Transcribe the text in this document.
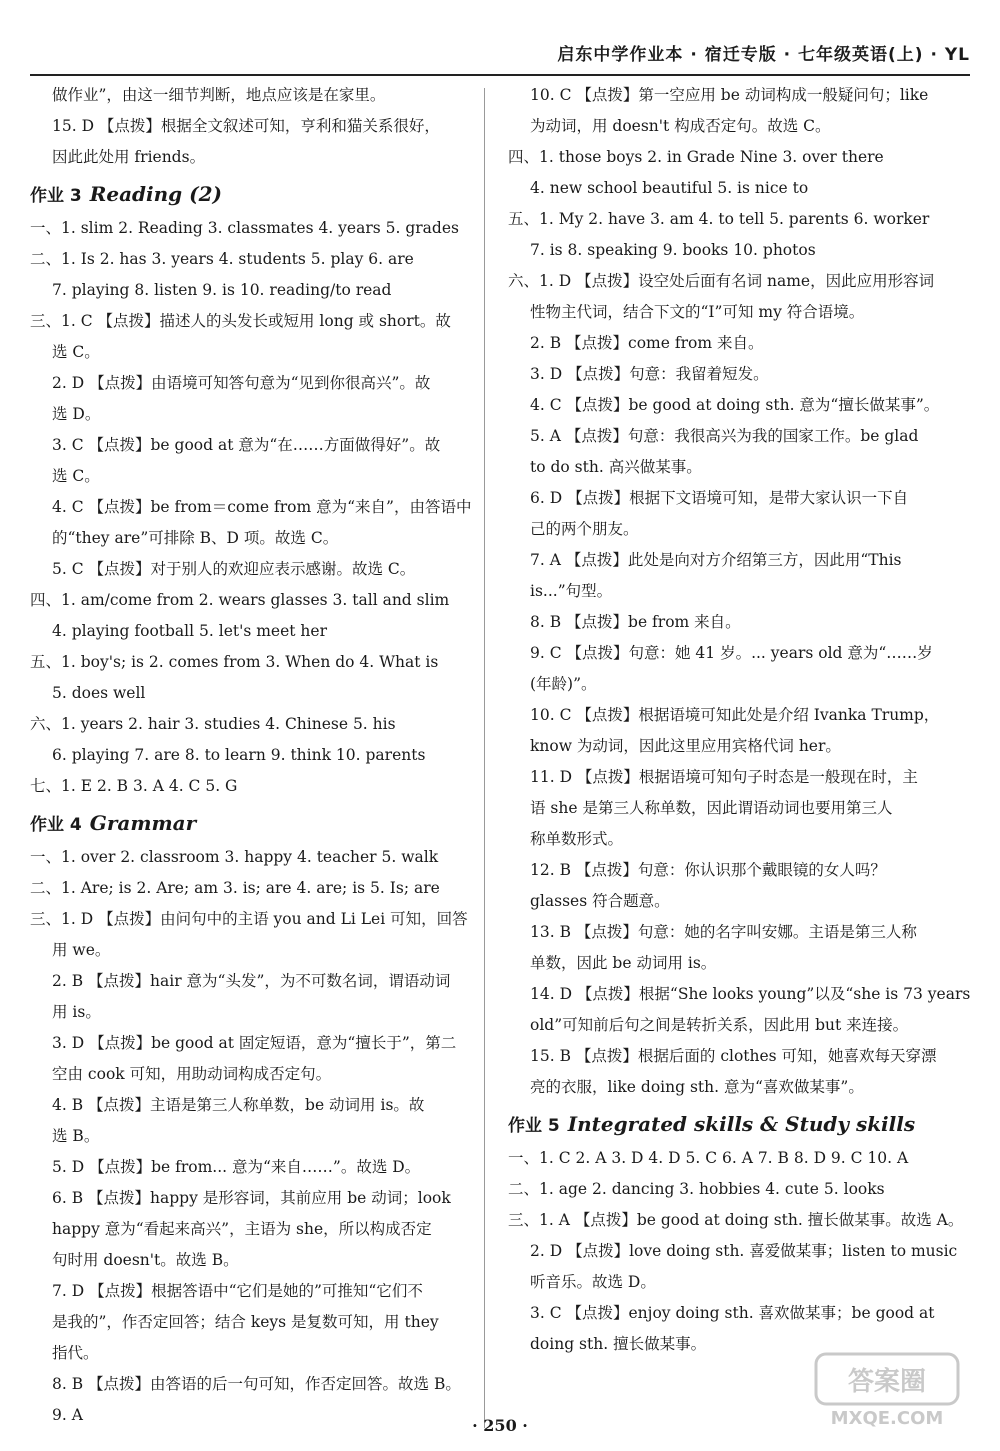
启东中学作业本 · 宿迁专版 · 七年级英语(上) · YL
做作业”，由这一细节判断，地点应该是在家里。
15. D 【点拨】根据全文叙述可知，亨利和猫关系很好，
因此此处用 friends。
作业 3 Reading (2)
一、1. slim 2. Reading 3. classmates 4. years 5. grades
二、1. Is 2. has 3. years 4. students 5. play 6. are
7. playing 8. listen 9. is 10. reading/to read
三、1. C 【点拨】描述人的头发长或短用 long 或 short。故
选 C。
2. D 【点拨】由语境可知答句意为“见到你很高兴”。故
选 D。
3. C 【点拨】be good at 意为“在……方面做得好”。故
选 C。
4. C 【点拨】be from＝come from 意为“来自”，由答语中
的“they are”可排除 B、D 项。故选 C。
5. C 【点拨】对于别人的欢迎应表示感谢。故选 C。
四、1. am/come from 2. wears glasses 3. tall and slim
4. playing football 5. let's meet her
五、1. boy's; is 2. comes from 3. When do 4. What is
5. does well
六、1. years 2. hair 3. studies 4. Chinese 5. his
6. playing 7. are 8. to learn 9. think 10. parents
七、1. E 2. B 3. A 4. C 5. G
作业 4 Grammar
一、1. over 2. classroom 3. happy 4. teacher 5. walk
二、1. Are; is 2. Are; am 3. is; are 4. are; is 5. Is; are
三、1. D 【点拨】由问句中的主语 you and Li Lei 可知，回答
用 we。
2. B 【点拨】hair 意为“头发”，为不可数名词，谓语动词
用 is。
3. D 【点拨】be good at 固定短语，意为“擅长于”，第二
空由 cook 可知，用助动词构成否定句。
4. B 【点拨】主语是第三人称单数，be 动词用 is。故
选 B。
5. D 【点拨】be from... 意为“来自……”。故选 D。
6. B 【点拨】happy 是形容词，其前应用 be 动词；look
happy 意为“看起来高兴”，主语为 she，所以构成否定
句时用 doesn't。故选 B。
7. D 【点拨】根据答语中“它们是她的”可推知“它们不
是我的”，作否定回答；结合 keys 是复数可知，用 they
指代。
8. B 【点拨】由答语的后一句可知，作否定回答。故选 B。
9. A
10. C 【点拨】第一空应用 be 动词构成一般疑问句；like
为动词，用 doesn't 构成否定句。故选 C。
四、1. those boys 2. in Grade Nine 3. over there
4. new school beautiful 5. is nice to
五、1. My 2. have 3. am 4. to tell 5. parents 6. worker
7. is 8. speaking 9. books 10. photos
六、1. D 【点拨】设空处后面有名词 name，因此应用形容词
性物主代词，结合下文的“I”可知 my 符合语境。
2. B 【点拨】come from 来自。
3. D 【点拨】句意：我留着短发。
4. C 【点拨】be good at doing sth. 意为“擅长做某事”。
5. A 【点拨】句意：我很高兴为我的国家工作。be glad
to do sth. 高兴做某事。
6. D 【点拨】根据下文语境可知，是带大家认识一下自
己的两个朋友。
7. A 【点拨】此处是向对方介绍第三方，因此用“This
is...”句型。
8. B 【点拨】be from 来自。
9. C 【点拨】句意：她 41 岁。... years old 意为“……岁
(年龄)”。
10. C 【点拨】根据语境可知此处是介绍 Ivanka Trump，
know 为动词，因此这里应用宾格代词 her。
11. D 【点拨】根据语境可知句子时态是一般现在时，主
语 she 是第三人称单数，因此谓语动词也要用第三人
称单数形式。
12. B 【点拨】句意：你认识那个戴眼镜的女人吗？
glasses 符合题意。
13. B 【点拨】句意：她的名字叫安娜。主语是第三人称
单数，因此 be 动词用 is。
14. D 【点拨】根据“She looks young”以及“she is 73 years
old”可知前后句之间是转折关系，因此用 but 来连接。
15. B 【点拨】根据后面的 clothes 可知，她喜欢每天穿漂
亮的衣服，like doing sth. 意为“喜欢做某事”。
作业 5 Integrated skills & Study skills
一、1. C 2. A 3. D 4. D 5. C 6. A 7. B 8. D 9. C 10. A
二、1. age 2. dancing 3. hobbies 4. cute 5. looks
三、1. A 【点拨】be good at doing sth. 擅长做某事。故选 A。
2. D 【点拨】love doing sth. 喜爱做某事；listen to music
听音乐。故选 D。
3. C 【点拨】enjoy doing sth. 喜欢做某事；be good at
doing sth. 擅长做某事。
· 250 ·
答案圈
MXQE.COM
